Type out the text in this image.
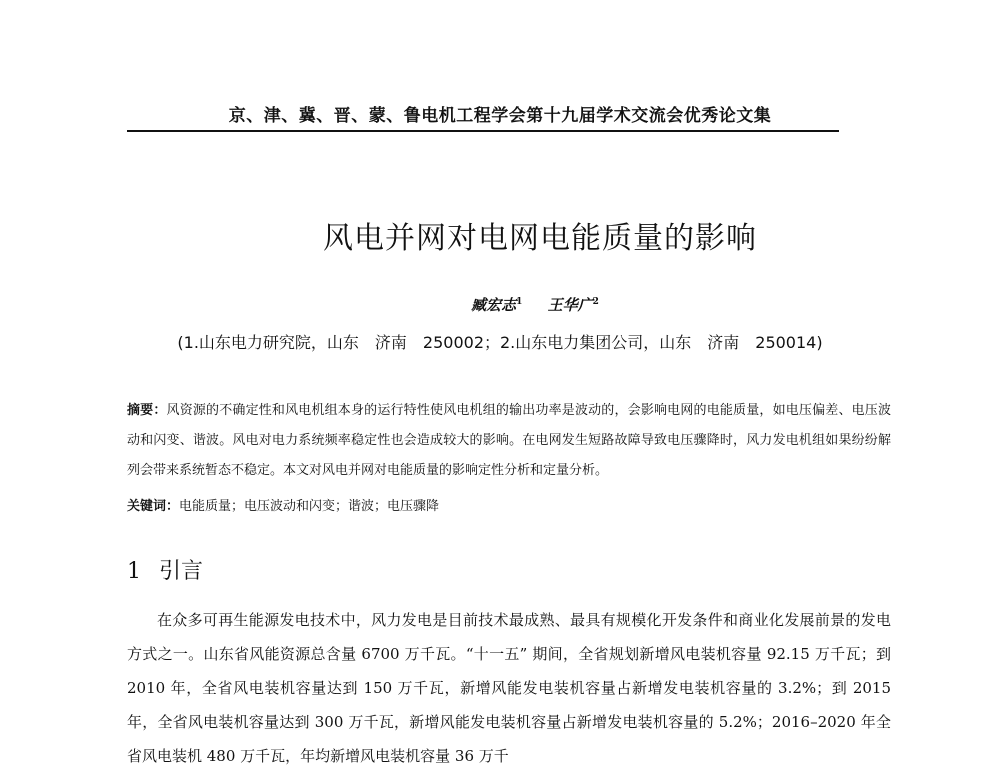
京、津、冀、晋、蒙、鲁电机工程学会第十九届学术交流会优秀论文集
风电并网对电网电能质量的影响
臧宏志$^1$ 王华广$^2$
(1.山东电力研究院，山东　济南　250002；2.山东电力集团公司，山东　济南　250014)
摘要：风资源的不确定性和风电机组本身的运行特性使风电机组的输出功率是波动的，会影响电网的电能质量，如电压偏差、电压波动和闪变、谐波。风电对电力系统频率稳定性也会造成较大的影响。在电网发生短路故障导致电压骤降时，风力发电机组如果纷纷解列会带来系统暂态不稳定。本文对风电并网对电能质量的影响定性分析和定量分析。
关键词：电能质量；电压波动和闪变；谐波；电压骤降
1 引言
在众多可再生能源发电技术中，风力发电是目前技术最成熟、最具有规模化开发条件和商业化发展前景的发电方式之一。山东省风能资源总含量 6700 万千瓦。“十一五” 期间，全省规划新增风电装机容量 92.15 万千瓦；到 2010 年，全省风电装机容量达到 150 万千瓦，新增风能发电装机容量占新增发电装机容量的 3.2%；到 2015 年，全省风电装机容量达到 300 万千瓦，新增风能发电装机容量占新增发电装机容量的 5.2%；2016–2020 年全省风电装机 480 万千瓦，年均新增风电装机容量 36 万千
